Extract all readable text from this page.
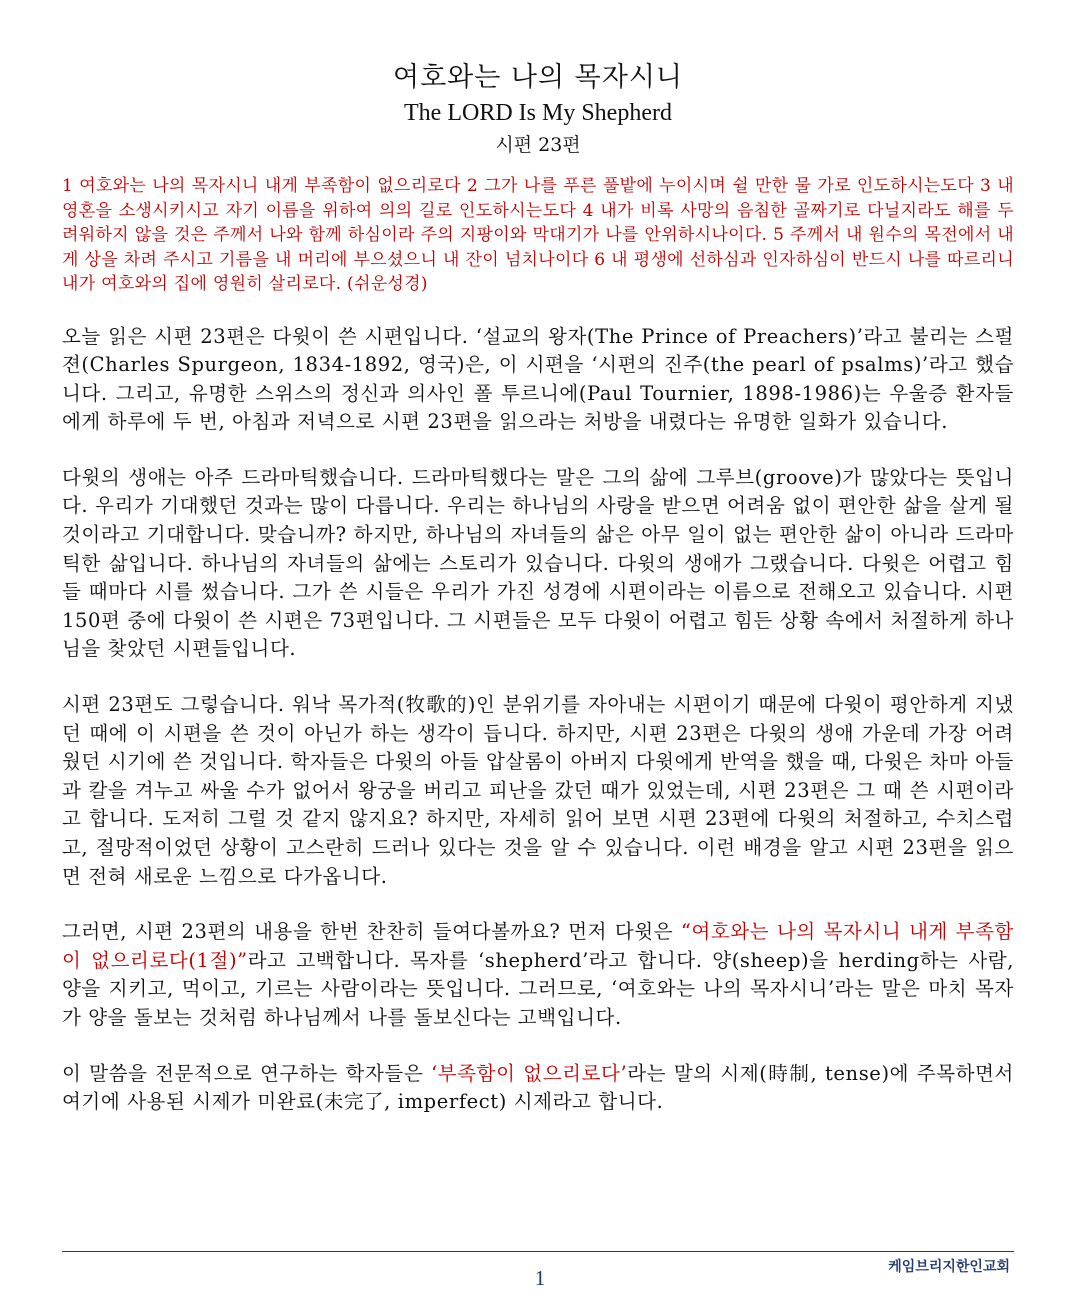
여호와는 나의 목자시니

The LORD Is My Shepherd

시편 23편

1 여호와는 나의 목자시니 내게 부족함이 없으리로다 2 그가 나를 푸른 풀밭에 누이시며 쉴 만한 물 가로 인도하시는도다 3 내 영혼을 소생시키시고 자기 이름을 위하여 의의 길로 인도하시는도다 4 내가 비록 사망의 음침한 골짜기로 다닐지라도 해를 두려워하지 않을 것은 주께서 나와 함께 하심이라 주의 지팡이와 막대기가 나를 안위하시나이다. 5 주께서 내 원수의 목전에서 내게 상을 차려 주시고 기름을 내 머리에 부으셨으니 내 잔이 넘치나이다 6 내 평생에 선하심과 인자하심이 반드시 나를 따르리니 내가 여호와의 집에 영원히 살리로다. (쉬운성경)

오늘 읽은 시편 23편은 다윗이 쓴 시편입니다. ‘설교의 왕자(The Prince of Preachers)’라고 불리는 스펄젼(Charles Spurgeon, 1834-1892, 영국)은, 이 시편을 ‘시편의 진주(the pearl of psalms)’라고 했습니다. 그리고, 유명한 스위스의 정신과 의사인 폴 투르니에(Paul Tournier, 1898-1986)는 우울증 환자들에게 하루에 두 번, 아침과 저녁으로 시편 23편을 읽으라는 처방을 내렸다는 유명한 일화가 있습니다.

다윗의 생애는 아주 드라마틱했습니다. 드라마틱했다는 말은 그의 삶에 그루브(groove)가 많았다는 뜻입니다. 우리가 기대했던 것과는 많이 다릅니다. 우리는 하나님의 사랑을 받으면 어려움 없이 편안한 삶을 살게 될 것이라고 기대합니다. 맞습니까? 하지만, 하나님의 자녀들의 삶은 아무 일이 없는 편안한 삶이 아니라 드라마틱한 삶입니다. 하나님의 자녀들의 삶에는 스토리가 있습니다. 다윗의 생애가 그랬습니다. 다윗은 어렵고 힘들 때마다 시를 썼습니다. 그가 쓴 시들은 우리가 가진 성경에 시편이라는 이름으로 전해오고 있습니다. 시편 150편 중에 다윗이 쓴 시편은 73편입니다. 그 시편들은 모두 다윗이 어렵고 힘든 상황 속에서 처절하게 하나님을 찾았던 시편들입니다.

시편 23편도 그렇습니다. 워낙 목가적(牧歌的)인 분위기를 자아내는 시편이기 때문에 다윗이 평안하게 지냈던 때에 이 시편을 쓴 것이 아닌가 하는 생각이 듭니다. 하지만, 시편 23편은 다윗의 생애 가운데 가장 어려웠던 시기에 쓴 것입니다. 학자들은 다윗의 아들 압살롬이 아버지 다윗에게 반역을 했을 때, 다윗은 차마 아들과 칼을 겨누고 싸울 수가 없어서 왕궁을 버리고 피난을 갔던 때가 있었는데, 시편 23편은 그 때 쓴 시편이라고 합니다. 도저히 그럴 것 같지 않지요? 하지만, 자세히 읽어 보면 시편 23편에 다윗의 처절하고, 수치스럽고, 절망적이었던 상황이 고스란히 드러나 있다는 것을 알 수 있습니다. 이런 배경을 알고 시편 23편을 읽으면 전혀 새로운 느낌으로 다가옵니다.

그러면, 시편 23편의 내용을 한번 찬찬히 들여다볼까요? 먼저 다윗은 “여호와는 나의 목자시니 내게 부족함이 없으리로다(1절)”라고 고백합니다. 목자를 ‘shepherd’라고 합니다. 양(sheep)을 herding하는 사람, 양을 지키고, 먹이고, 기르는 사람이라는 뜻입니다. 그러므로, ‘여호와는 나의 목자시니’라는 말은 마치 목자가 양을 돌보는 것처럼 하나님께서 나를 돌보신다는 고백입니다.

이 말씀을 전문적으로 연구하는 학자들은 ‘부족함이 없으리로다’라는 말의 시제(時制, tense)에 주목하면서 여기에 사용된 시제가 미완료(未完了, imperfect) 시제라고 합니다.

케임브리지한인교회
1
